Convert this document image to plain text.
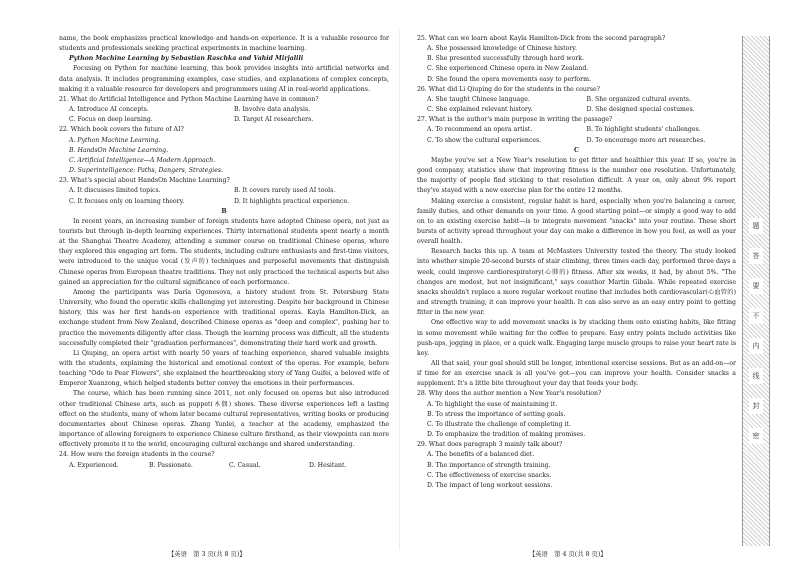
name, the book emphasizes practical knowledge and hands-on experience. It is a valuable resource for students and professionals seeking practical experiments in machine learning.

Python Machine Learning by Sebastian Raschka and Vahid Mirjalili

Focusing on Python for machine learning, this book provides insights into artificial networks and data analysis. It includes programming examples, case studies, and explanations of complex concepts, making it a valuable resource for developers and programmers using AI in real-world applications.

21. What do Artificial Intelligence and Python Machine Learning have in common?

A. Introduce AI concepts.	B. Involve data analysis.
C. Focus on deep learning.	D. Target AI researchers.

22. Which book covers the future of AI?

A. Python Machine Learning.

B. HandsOn Machine Learning.

C. Artificial Intelligence—A Modern Approach.

D. Superintelligence: Paths, Dangers, Strategies.

23. What's special about HandsOn Machine Learning?

A. It discusses limited topics.	B. It covers rarely used AI tools.
C. It focuses only on learning theory.	D. It highlights practical experience.

B

In recent years, an increasing number of foreign students have adopted Chinese opera, not just as tourists but through in-depth learning experiences. Thirty international students spent nearly a month at the Shanghai Theatre Academy, attending a summer course on traditional Chinese operas, where they explored this engaging art form. The students, including culture enthusiasts and first-time visitors, were introduced to the unique vocal (发声的) techniques and purposeful movements that distinguish Chinese operas from European theatre traditions. They not only practiced the technical aspects but also gained an appreciation for the cultural significance of each performance.

Among the participants was Daria Ogonesova, a history student from St. Petersburg State University, who found the operatic skills challenging yet interesting. Despite her background in Chinese history, this was her first hands-on experience with traditional operas. Kayla Hamilton-Dick, an exchange student from New Zealand, described Chinese operas as "deep and complex", pushing her to practice the movements diligently after class. Though the learning process was difficult, all the students successfully completed their "graduation performances", demonstrating their hard work and growth.

Li Qiuping, an opera artist with nearly 50 years of teaching experience, shared valuable insights with the students, explaining the historical and emotional context of the operas. For example, before teaching "Ode to Pear Flowers", she explained the heartbreaking story of Yang Guifei, a beloved wife of Emperor Xuanzong, which helped students better convey the emotions in their performances.

The course, which has been running since 2011, not only focused on operas but also introduced other traditional Chinese arts, such as puppet(木偶) shows. These diverse experiences left a lasting effect on the students, many of whom later became cultural representatives, writing books or producing documentaries about Chinese operas. Zhang Yunlei, a teacher at the academy, emphasized the importance of allowing foreigners to experience Chinese culture firsthand, as their viewpoints can more effectively promote it to the world, encouraging cultural exchange and shared understanding.

24. How were the foreign students in the course?

A. Experienced.	B. Passionate.	C. Casual.	D. Hesitant.
【英语　第 3 页(共 8 页)】

25. What can we learn about Kayla Hamilton-Dick from the second paragraph?

A. She possessed knowledge of Chinese history.

B. She presented successfully through hard work.

C. She experienced Chinese opera in New Zealand.

D. She found the opera movements easy to perform.

26. What did Li Qiuping do for the students in the course?

A. She taught Chinese language.	B. She organized cultural events.
C. She explained relevant history.	D. She designed special costumes.

27. What is the author's main purpose in writing the passage?

A. To recommend an opera artist.	B. To highlight students' challenges.
C. To show the cultural experiences.	D. To encourage more art researches.

C

Maybe you've set a New Year's resolution to get fitter and healthier this year. If so, you're in good company, statistics show that improving fitness is the number one resolution. Unfortunately, the majority of people find sticking to that resolution difficult. A year on, only about 9% report they've stayed with a new exercise plan for the entire 12 months.

Making exercise a consistent, regular habit is hard, especially when you're balancing a career, family duties, and other demands on your time. A good starting point—or simply a good way to add on to an existing exercise habit—is to integrate movement "snacks" into your routine. These short bursts of activity spread throughout your day can make a difference in how you feel, as well as your overall health.

Research backs this up. A team at McMasters University tested the theory. The study looked into whether simple 20-second bursts of stair climbing, three times each day, performed three days a week, could improve cardiorespiratory(心肺的) fitness. After six weeks, it had, by about 5%. "The changes are modest, but not insignificant," says coauthor Martin Gibala. While repeated exercise snacks shouldn't replace a more regular workout routine that includes both cardiovascular(心血管的) and strength training, it can improve your health. It can also serve as an easy entry point to getting fitter in the new year.

One effective way to add movement snacks is by stacking them onto existing habits, like fitting in some movement while waiting for the coffee to prepare. Easy entry points include activities like push-ups, jogging in place, or a quick walk. Engaging large muscle groups to raise your heart rate is key.

All that said, your goal should still be longer, intentional exercise sessions. But as an add-on—or if time for an exercise snack is all you've got—you can improve your health. Consider snacks a supplement. It's a little bite throughout your day that feeds your body.

28. Why does the author mention a New Year's resolution?

A. To highlight the ease of maintaining it.

B. To stress the importance of setting goals.

C. To illustrate the challenge of completing it.

D. To emphasize the tradition of making promises.

29. What does paragraph 3 mainly talk about?

A. The benefits of a balanced diet.

B. The importance of strength training.

C. The effectiveness of exercise snacks.

D. The impact of long workout sessions.

【英语　第 4 页(共 8 页)】
题
答
要
不
内
线
封
密
